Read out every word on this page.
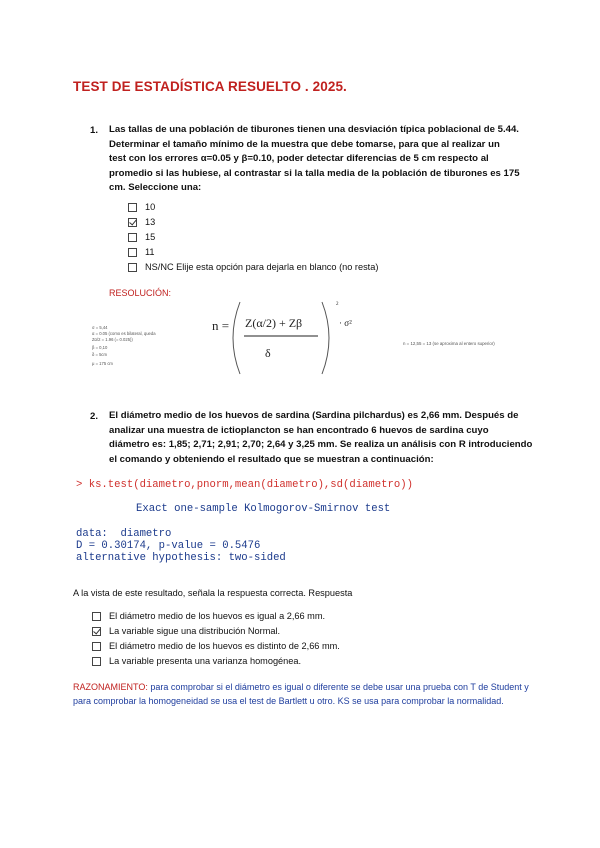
TEST DE ESTADÍSTICA RESUELTO . 2025.
1. Las tallas de una población de tiburones tienen una desviación típica poblacional de 5.44.
Determinar el tamaño mínimo de la muestra que debe tomarse, para que al realizar un
test con los errores α=0.05 y β=0.10, poder detectar diferencias de 5 cm respecto al
promedio si las hubiese, al contrastar si la talla media de la población de tiburones es 175
cm. Seleccione una:
10
13
15
11
NS/NC Elije esta opción para dejarla en blanco (no resta)
RESOLUCIÓN:
σ = 5,44
α = 0.05 (como es bilateral, queda
Zα/2 = 1.96 (= 0.025))
β = 0,10
δ = 5cm
μ = 175 cm
n = Z(α/2) + Zβ
δ
2
· σ²
n = 12,55 = 13 (se aproxima al entero superior)
2. El diámetro medio de los huevos de sardina (Sardina pilchardus) es 2,66 mm. Después de
analizar una muestra de ictioplancton se han encontrado 6 huevos de sardina cuyo
diámetro es: 1,85; 2,71; 2,91; 2,70; 2,64 y 3,25 mm. Se realiza un análisis con R introduciendo
el comando y obteniendo el resultado que se muestran a continuación:
> ks.test(diametro,pnorm,mean(diametro),sd(diametro))
Exact one-sample Kolmogorov-Smirnov test
data:  diametro
D = 0.30174, p-value = 0.5476
alternative hypothesis: two-sided
A la vista de este resultado, señala la respuesta correcta. Respuesta
El diámetro medio de los huevos es igual a 2,66 mm.
La variable sigue una distribución Normal.
El diámetro medio de los huevos es distinto de 2,66 mm.
La variable presenta una varianza homogénea.
RAZONAMIENTO: para comprobar si el diámetro es igual o diferente se debe usar una prueba con T de Student y para comprobar la homogeneidad se usa el test de Bartlett u otro. KS se usa para comprobar la normalidad.
